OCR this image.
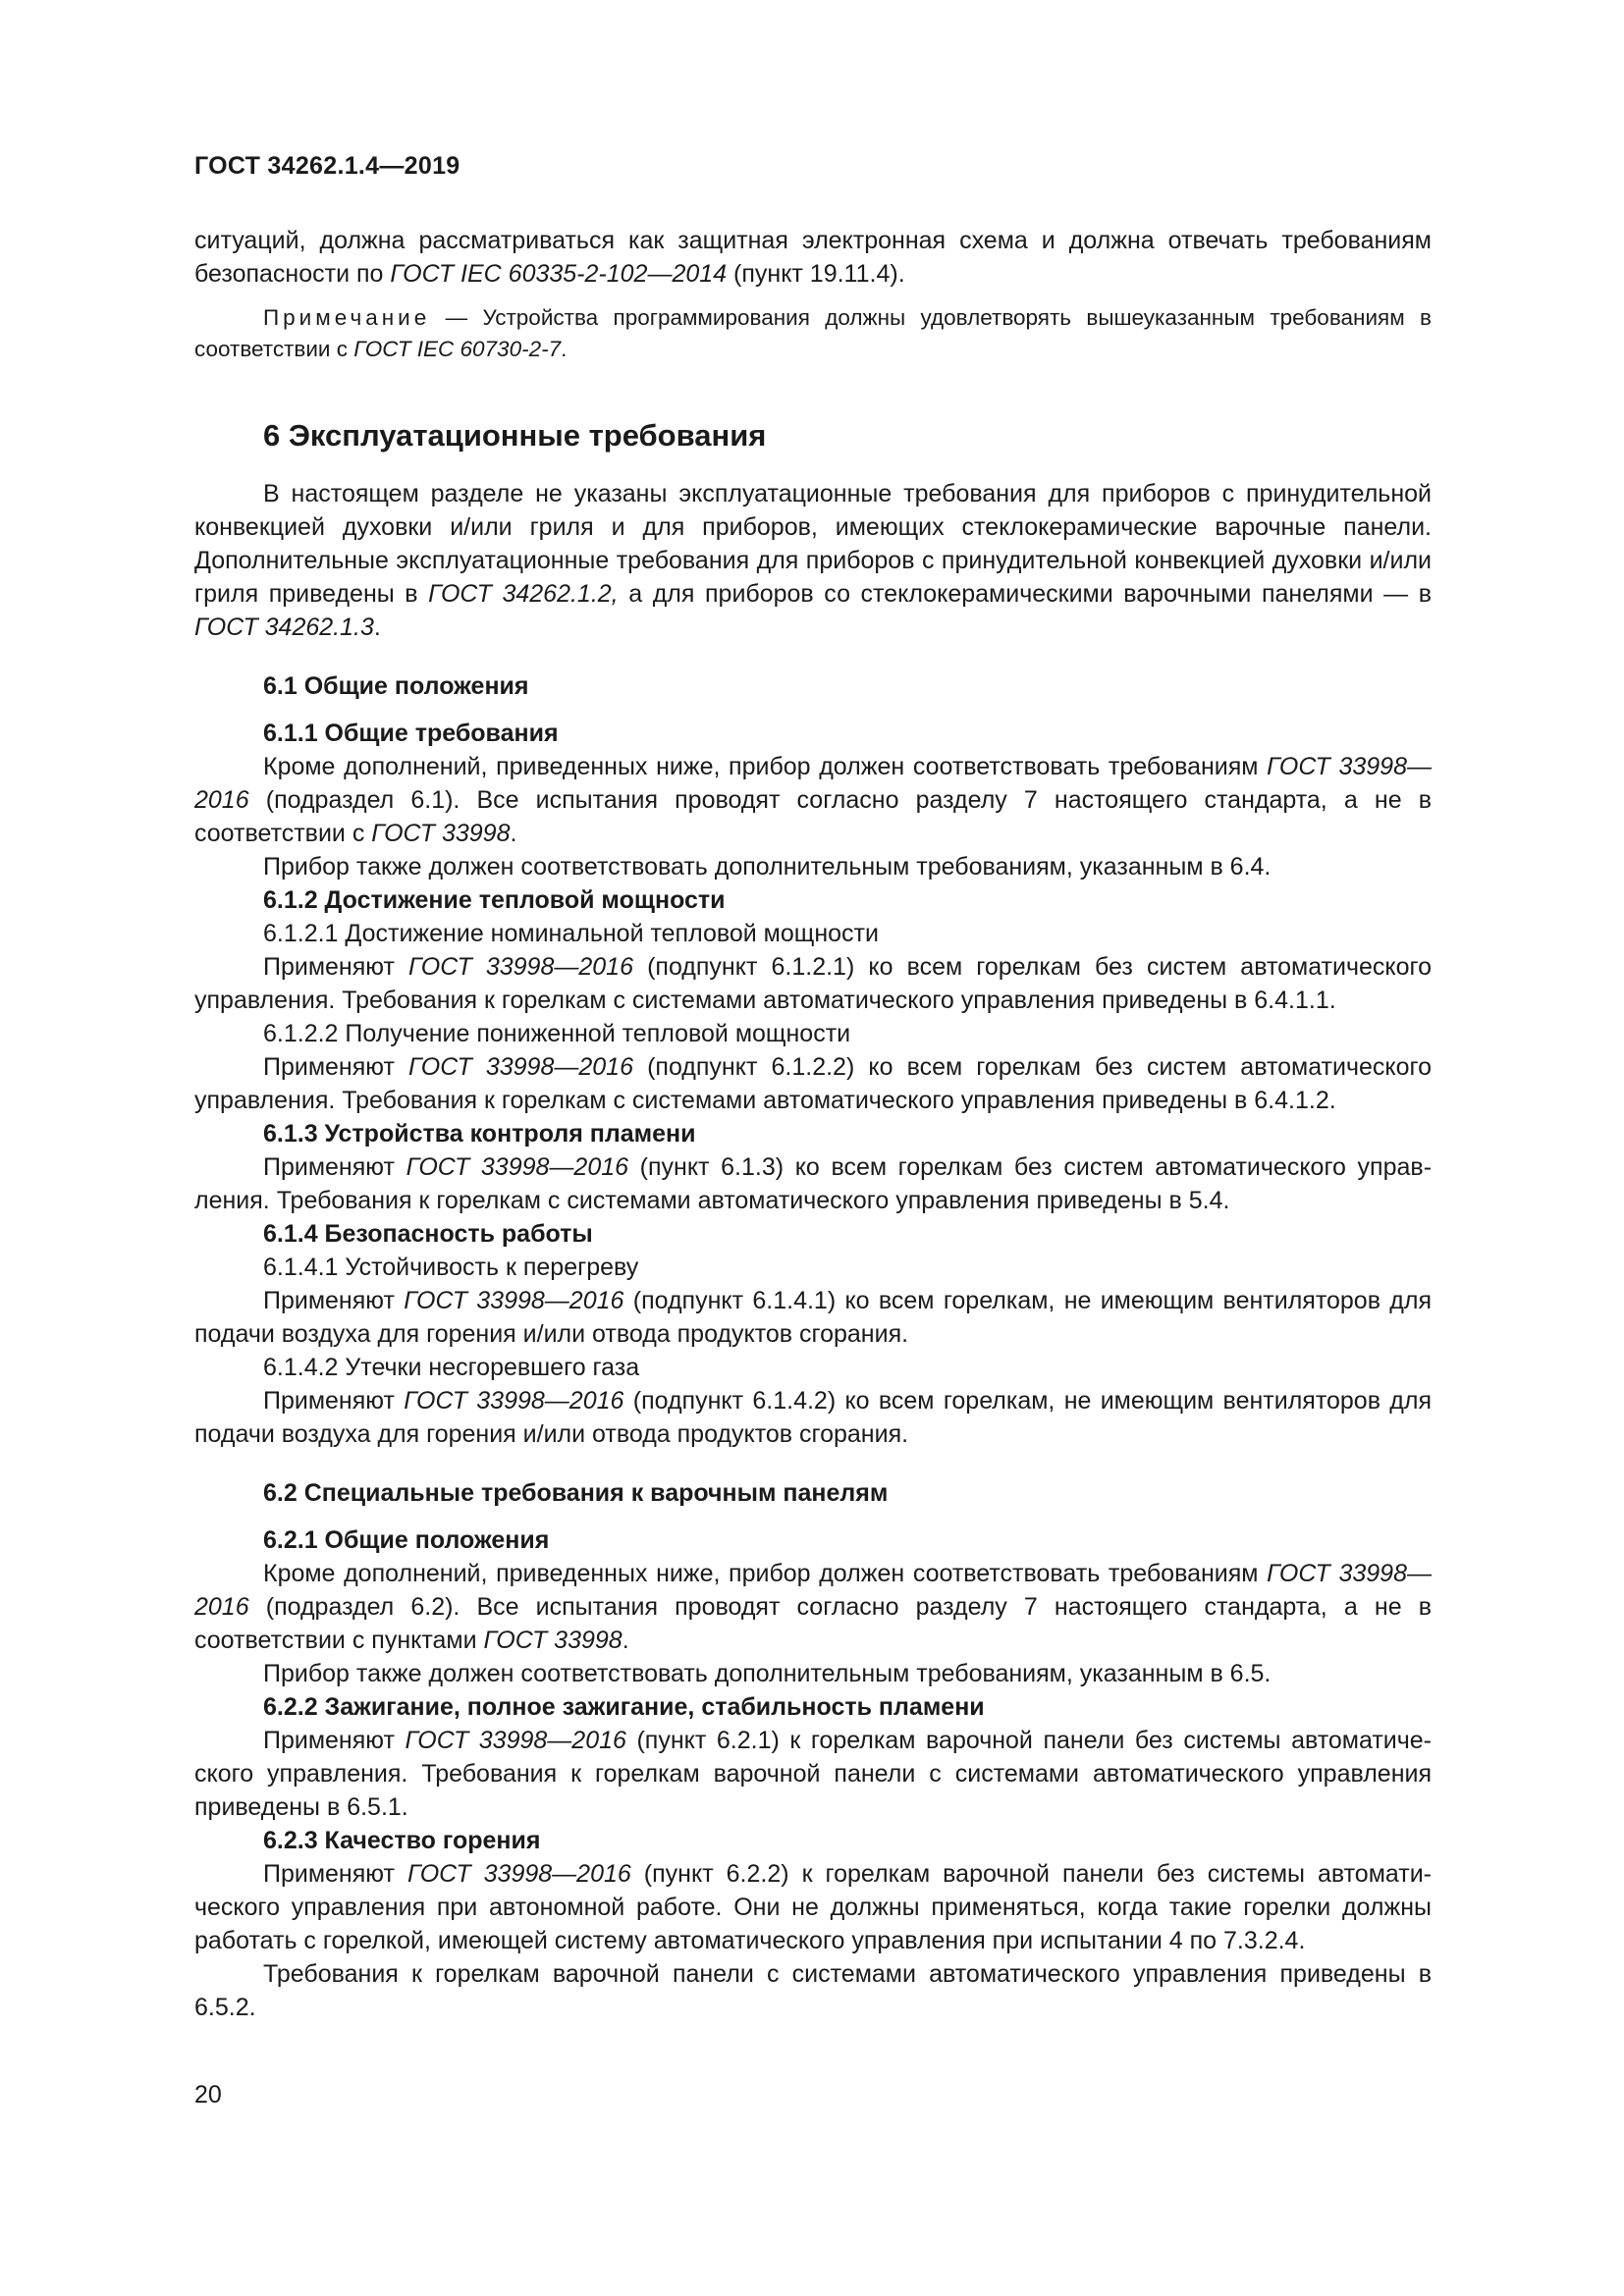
ГОСТ 34262.1.4—2019

ситуаций, должна рассматриваться как защитная электронная схема и должна отвечать требованиям безопасности по ГОСТ IEC 60335-2-102—2014 (пункт 19.11.4).

Примечание — Устройства программирования должны удовлетворять вышеуказанным требованиям в соответствии с ГОСТ IEC 60730-2-7.

6 Эксплуатационные требования

В настоящем разделе не указаны эксплуатационные требования для приборов с принудительной конвекцией духовки и/или гриля и для приборов, имеющих стеклокерамические варочные панели. Дополнительные эксплуатационные требования для приборов с принудительной конвекцией духовки и/или гриля приведены в ГОСТ 34262.1.2, а для приборов со стеклокерамическими варочными панелями — в ГОСТ 34262.1.3.

6.1 Общие положения
6.1.1 Общие требования

Кроме дополнений, приведенных ниже, прибор должен соответствовать требованиям ГОСТ 33998—2016 (подраздел 6.1). Все испытания проводят согласно разделу 7 настоящего стандарта, а не в соответствии с ГОСТ 33998.

Прибор также должен соответствовать дополнительным требованиям, указанным в 6.4.

6.1.2 Достижение тепловой мощности

6.1.2.1 Достижение номинальной тепловой мощности

Применяют ГОСТ 33998—2016 (подпункт 6.1.2.1) ко всем горелкам без систем автоматического управления. Требования к горелкам с системами автоматического управления приведены в 6.4.1.1.

6.1.2.2 Получение пониженной тепловой мощности

Применяют ГОСТ 33998—2016 (подпункт 6.1.2.2) ко всем горелкам без систем автоматического управления. Требования к горелкам с системами автоматического управления приведены в 6.4.1.2.

6.1.3 Устройства контроля пламени

Применяют ГОСТ 33998—2016 (пункт 6.1.3) ко всем горелкам без систем автоматического управления. Требования к горелкам с системами автоматического управления приведены в 5.4.

6.1.4 Безопасность работы

6.1.4.1 Устойчивость к перегреву

Применяют ГОСТ 33998—2016 (подпункт 6.1.4.1) ко всем горелкам, не имеющим вентиляторов для подачи воздуха для горения и/или отвода продуктов сгорания.

6.1.4.2 Утечки несгоревшего газа

Применяют ГОСТ 33998—2016 (подпункт 6.1.4.2) ко всем горелкам, не имеющим вентиляторов для подачи воздуха для горения и/или отвода продуктов сгорания.

6.2 Специальные требования к варочным панелям
6.2.1 Общие положения

Кроме дополнений, приведенных ниже, прибор должен соответствовать требованиям ГОСТ 33998—2016 (подраздел 6.2). Все испытания проводят согласно разделу 7 настоящего стандарта, а не в соответствии с пунктами ГОСТ 33998.

Прибор также должен соответствовать дополнительным требованиям, указанным в 6.5.

6.2.2 Зажигание, полное зажигание, стабильность пламени

Применяют ГОСТ 33998—2016 (пункт 6.2.1) к горелкам варочной панели без системы автоматического управления. Требования к горелкам варочной панели с системами автоматического управления приведены в 6.5.1.

6.2.3 Качество горения

Применяют ГОСТ 33998—2016 (пункт 6.2.2) к горелкам варочной панели без системы автоматического управления при автономной работе. Они не должны применяться, когда такие горелки должны работать с горелкой, имеющей систему автоматического управления при испытании 4 по 7.3.2.4.

Требования к горелкам варочной панели с системами автоматического управления приведены в 6.5.2.

20
